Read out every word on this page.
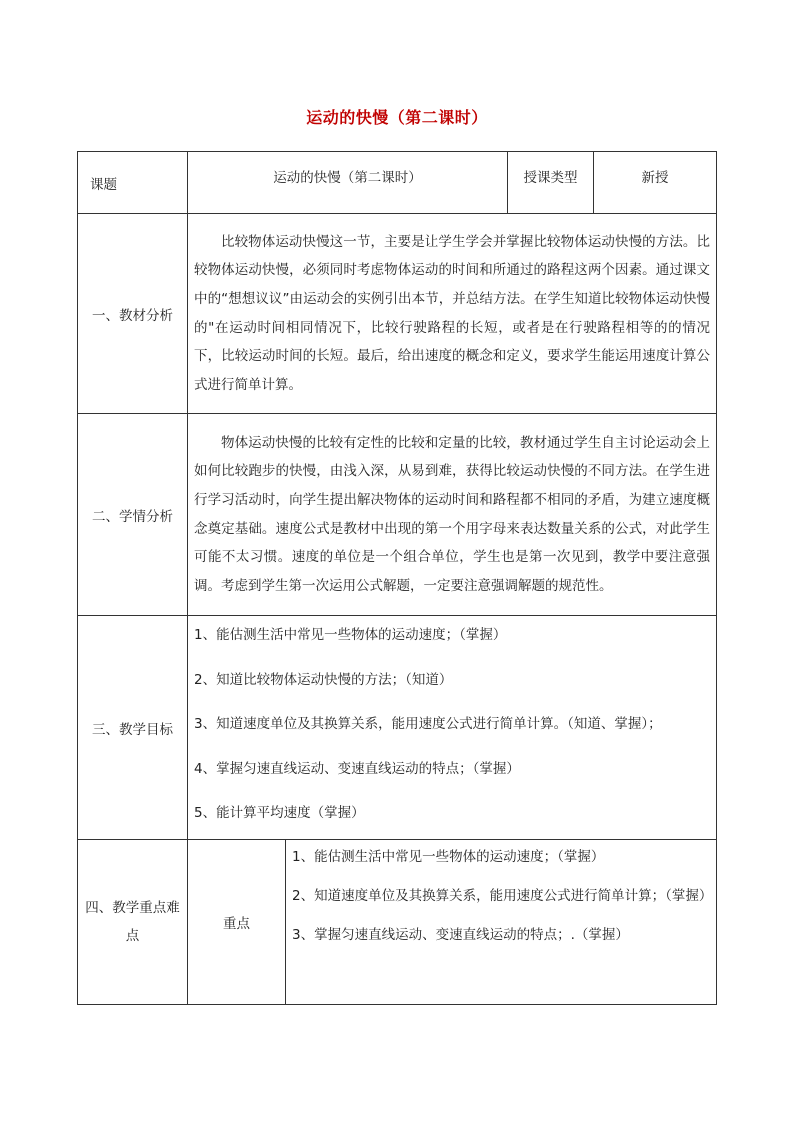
运动的快慢（第二课时）
课题	运动的快慢（第二课时）		授课类型	新授
一、教材分析	比较物体运动快慢这一节，主要是让学生学会并掌握比较物体运动快慢的方法。比较物体运动快慢，必须同时考虑物体运动的时间和所通过的路程这两个因素。通过课文中的“想想议议”由运动会的实例引出本节，并总结方法。在学生知道比较物体运动快慢的"在运动时间相同情况下，比较行驶路程的长短，或者是在行驶路程相等的的情况下，比较运动时间的长短。最后，给出速度的概念和定义，要求学生能运用速度计算公式进行简单计算。			
二、学情分析	物体运动快慢的比较有定性的比较和定量的比较，教材通过学生自主讨论运动会上如何比较跑步的快慢，由浅入深，从易到难，获得比较运动快慢的不同方法。在学生进行学习活动时，向学生提出解决物体的运动时间和路程都不相同的矛盾，为建立速度概念奠定基础。速度公式是教材中出现的第一个用字母来表达数量关系的公式，对此学生可能不太习惯。速度的单位是一个组合单位，学生也是第一次见到，教学中要注意强调。考虑到学生第一次运用公式解题，一定要注意强调解题的规范性。			
三、教学目标	1、能估测生活中常见一些物体的运动速度；（掌握）

2、知道比较物体运动快慢的方法；（知道）

3、知道速度单位及其换算关系，能用速度公式进行简单计算。（知道、掌握）；

4、掌握匀速直线运动、变速直线运动的特点；（掌握）

5、能计算平均速度（掌握）			

四、教学重点难点	重点	1、能估测生活中常见一些物体的运动速度；（掌握）

2、知道速度单位及其换算关系，能用速度公式进行简单计算；（掌握）

3、掌握匀速直线运动、变速直线运动的特点；.（掌握）		
